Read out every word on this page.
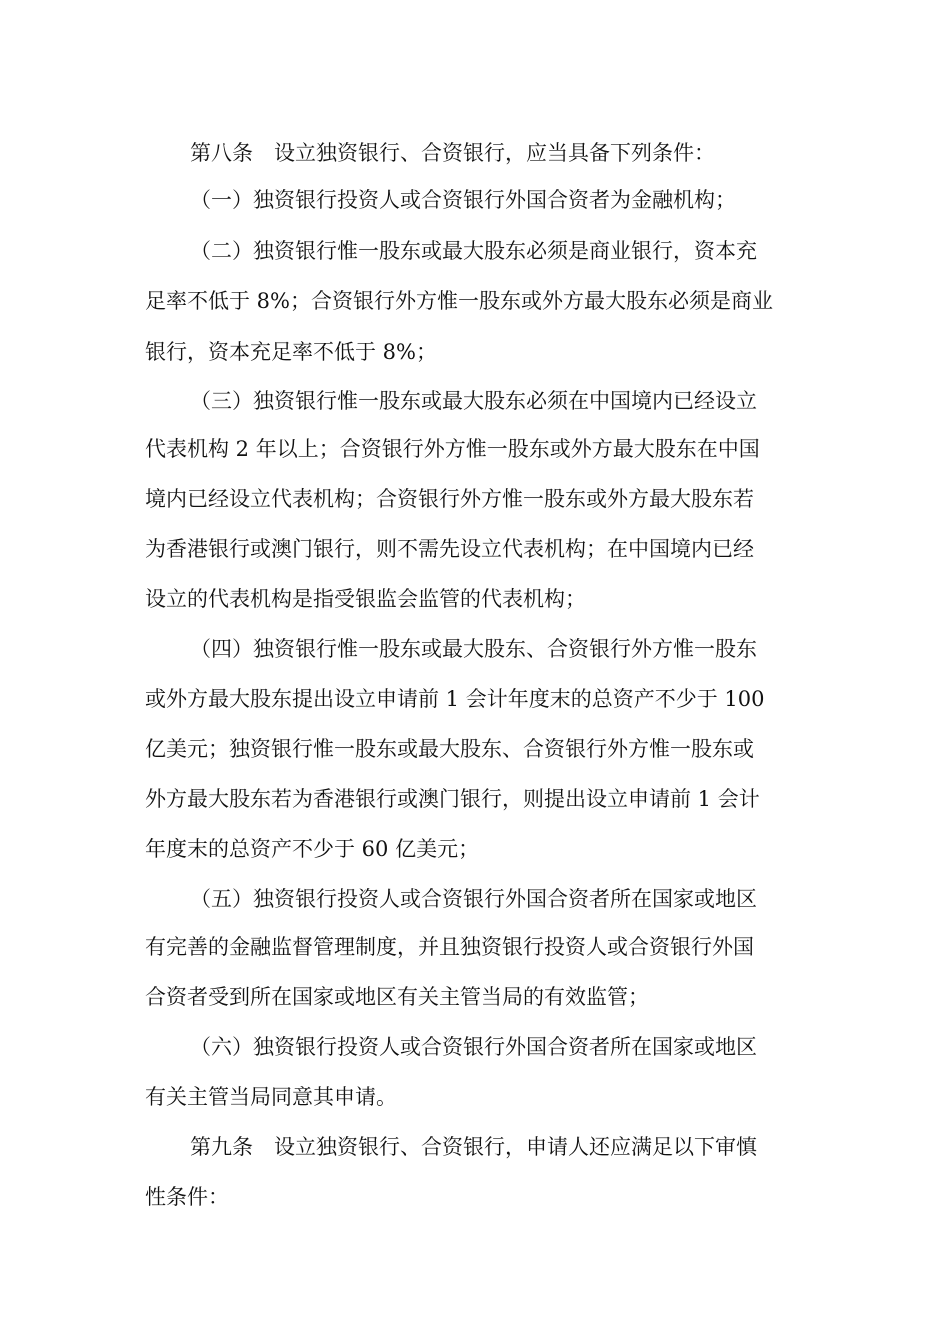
第八条　设立独资银行、合资银行，应当具备下列条件：
（一）独资银行投资人或合资银行外国合资者为金融机构；
（二）独资银行惟一股东或最大股东必须是商业银行，资本充
足率不低于 8%；合资银行外方惟一股东或外方最大股东必须是商业
银行，资本充足率不低于 8%；
（三）独资银行惟一股东或最大股东必须在中国境内已经设立
代表机构 2 年以上；合资银行外方惟一股东或外方最大股东在中国
境内已经设立代表机构；合资银行外方惟一股东或外方最大股东若
为香港银行或澳门银行，则不需先设立代表机构；在中国境内已经
设立的代表机构是指受银监会监管的代表机构；
（四）独资银行惟一股东或最大股东、合资银行外方惟一股东
或外方最大股东提出设立申请前 1 会计年度末的总资产不少于 100
亿美元；独资银行惟一股东或最大股东、合资银行外方惟一股东或
外方最大股东若为香港银行或澳门银行，则提出设立申请前 1 会计
年度末的总资产不少于 60 亿美元；
（五）独资银行投资人或合资银行外国合资者所在国家或地区
有完善的金融监督管理制度，并且独资银行投资人或合资银行外国
合资者受到所在国家或地区有关主管当局的有效监管；
（六）独资银行投资人或合资银行外国合资者所在国家或地区
有关主管当局同意其申请。
第九条　设立独资银行、合资银行，申请人还应满足以下审慎
性条件：
